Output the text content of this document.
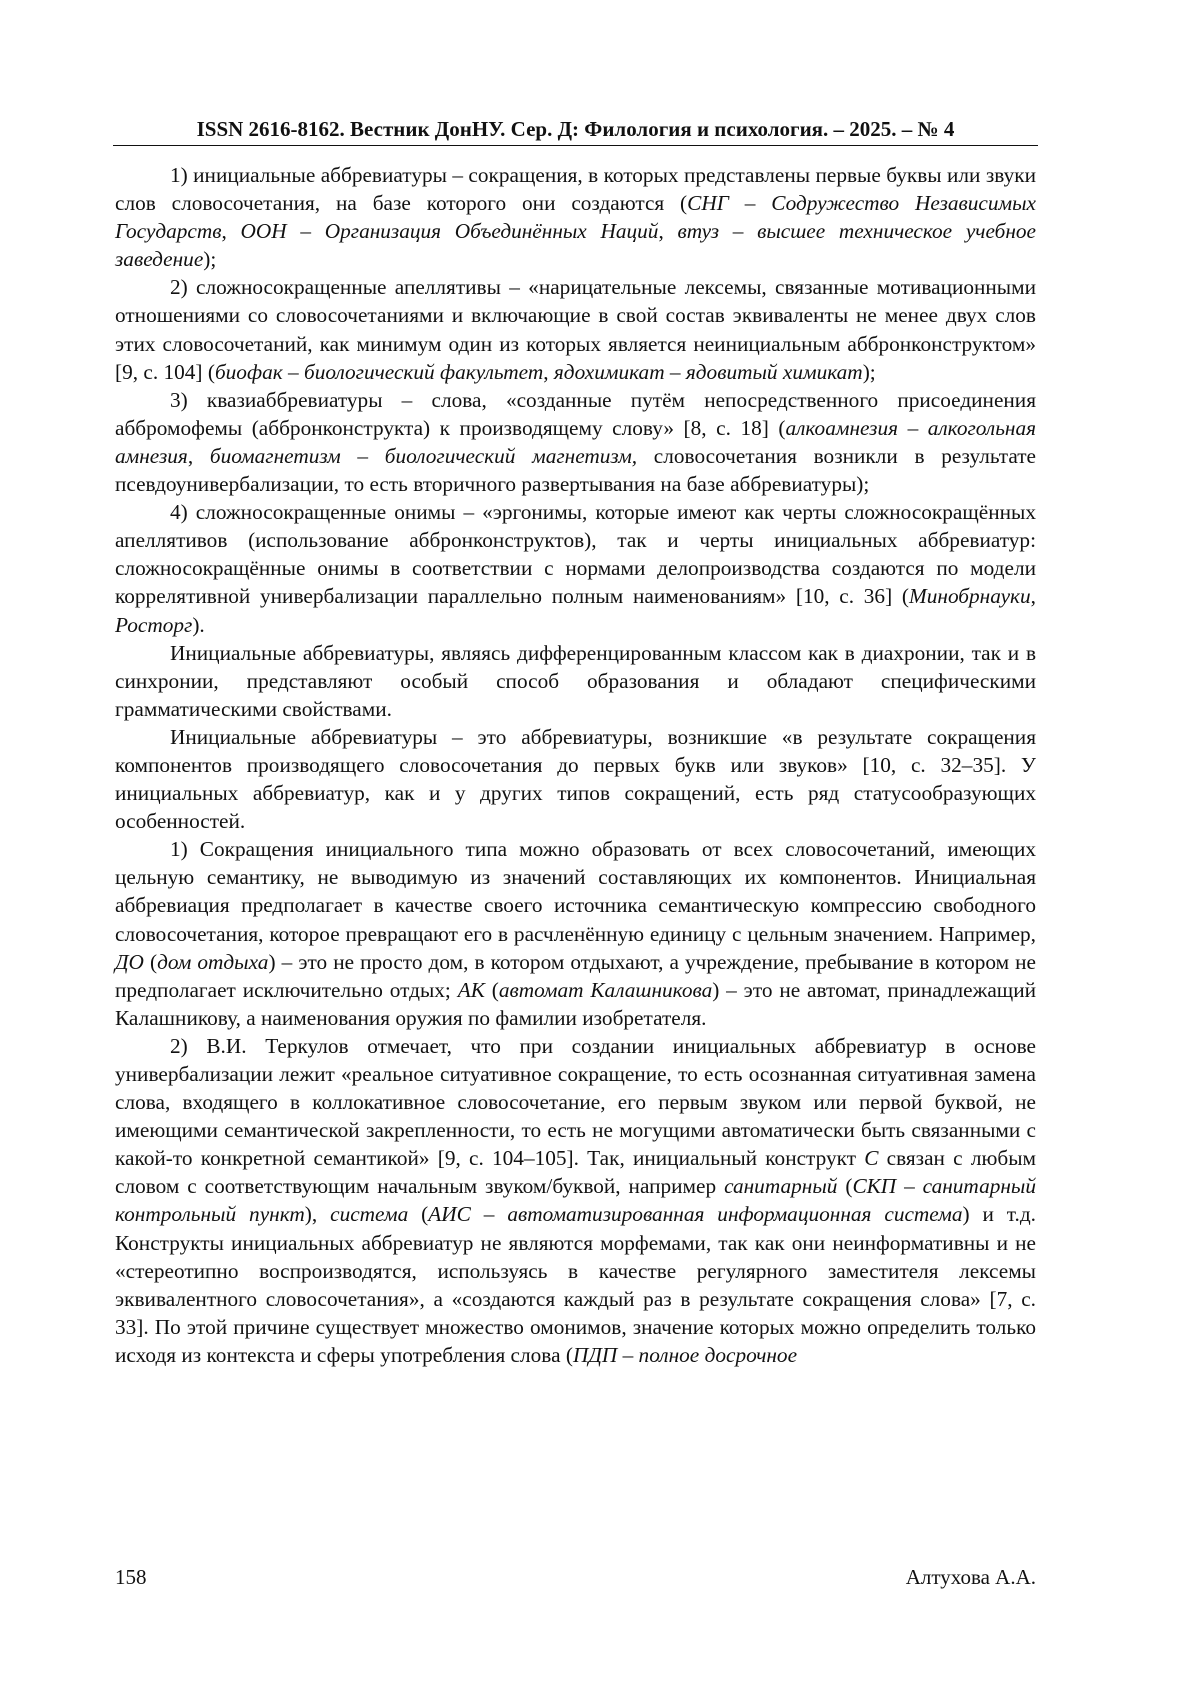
ISSN 2616-8162. Вестник ДонНУ. Сер. Д: Филология и психология. – 2025. – № 4

1) инициальные аббревиатуры – сокращения, в которых представлены первые буквы или звуки слов словосочетания, на базе которого они создаются (СНГ – Содружество Независимых Государств, ООН – Организация Объединённых Наций, втуз – высшее техническое учебное заведение);

2) сложносокращенные апеллятивы – «нарицательные лексемы, связанные мотивационными отношениями со словосочетаниями и включающие в свой состав эквиваленты не менее двух слов этих словосочетаний, как минимум один из которых является неинициальным аббронконструктом» [9, с. 104] (биофак – биологический факультет, ядохимикат – ядовитый химикат);

3) квазиаббревиатуры – слова, «созданные путём непосредственного присоединения аббромофемы (аббронконструкта) к производящему слову» [8, с. 18] (алкоамнезия – алкогольная амнезия, биомагнетизм – биологический магнетизм, словосочетания возникли в результате псевдоунивербализации, то есть вторичного развертывания на базе аббревиатуры);

4) сложносокращенные онимы – «эргонимы, которые имеют как черты сложносокращённых апеллятивов (использование аббронконструктов), так и черты инициальных аббревиатур: сложносокращённые онимы в соответствии с нормами делопроизводства создаются по модели коррелятивной универбализации параллельно полным наименованиям» [10, с. 36] (Минобрнауки, Росторг).

Инициальные аббревиатуры, являясь дифференцированным классом как в диахронии, так и в синхронии, представляют особый способ образования и обладают специфическими грамматическими свойствами.

Инициальные аббревиатуры – это аббревиатуры, возникшие «в результате сокращения компонентов производящего словосочетания до первых букв или звуков» [10, с. 32–35]. У инициальных аббревиатур, как и у других типов сокращений, есть ряд статусообразующих особенностей.

1) Сокращения инициального типа можно образовать от всех словосочетаний, имеющих цельную семантику, не выводимую из значений составляющих их компонентов. Инициальная аббревиация предполагает в качестве своего источника семантическую компрессию свободного словосочетания, которое превращают его в расчленённую единицу с цельным значением. Например, ДО (дом отдыха) – это не просто дом, в котором отдыхают, а учреждение, пребывание в котором не предполагает исключительно отдых; АК (автомат Калашникова) – это не автомат, принадлежащий Калашникову, а наименования оружия по фамилии изобретателя.

2) В.И. Теркулов отмечает, что при создании инициальных аббревиатур в основе универбализации лежит «реальное ситуативное сокращение, то есть осознанная ситуативная замена слова, входящего в коллокативное словосочетание, его первым звуком или первой буквой, не имеющими семантической закрепленности, то есть не могущими автоматически быть связанными с какой-то конкретной семантикой» [9, с. 104–105]. Так, инициальный конструкт С связан с любым словом с соответствующим начальным звуком/буквой, например санитарный (СКП – санитарный контрольный пункт), система (АИС – автоматизированная информационная система) и т.д. Конструкты инициальных аббревиатур не являются морфемами, так как они неинформативны и не «стереотипно воспроизводятся, используясь в качестве регулярного заместителя лексемы эквивалентного словосочетания», а «создаются каждый раз в результате сокращения слова» [7, с. 33]. По этой причине существует множество омонимов, значение которых можно определить только исходя из контекста и сферы употребления слова (ПДП – полное досрочное

158	Алтухова А.А.
